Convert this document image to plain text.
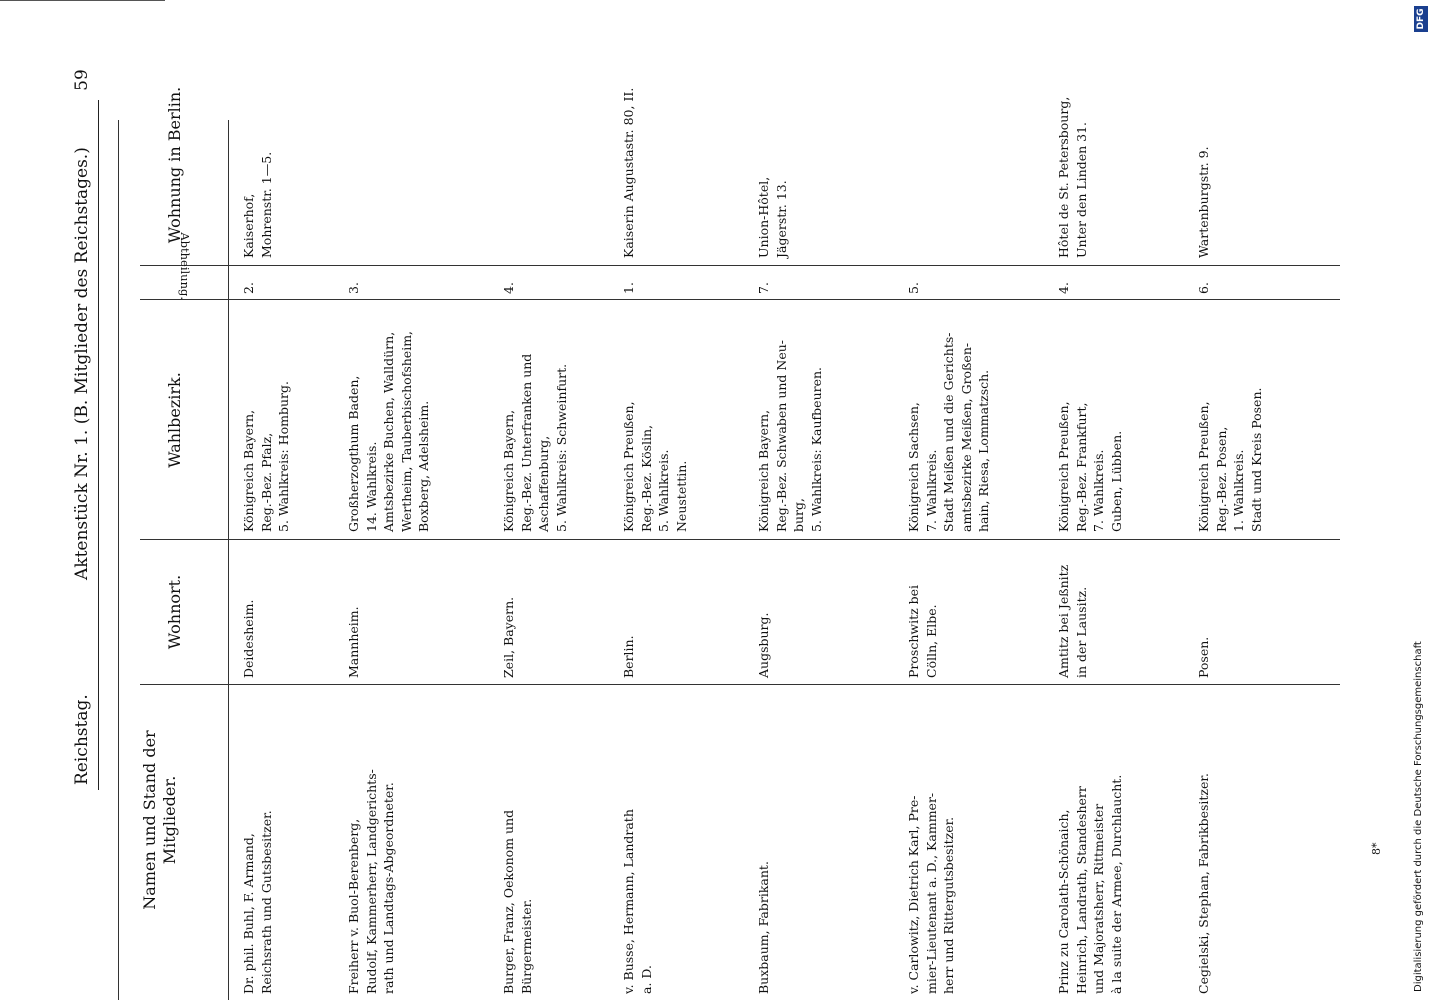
Reichstag.
Aktenstück Nr. 1. (B. Mitglieder des Reichstages.)
59
Namen und Stand der Mitglieder.
Wohnort.
Wahlbezirk.
Abtheilung.
Wohnung in Berlin.
Dr. phil. Buhl, F. Armand, Reichsrath und Gutsbesitzer.
Deidesheim.
Königreich Bayern, Reg.-Bez. Pfalz, 5. Wahlkreis: Homburg.
2.
Kaiserhof, Mohrenstr. 1—5.
Freiherr v. Buol-Berenberg, Rudolf, Kammerherr, Landgerichts- rath und Landtags-Abgeordneter.
Mannheim.
Großherzogthum Baden, 14. Wahlkreis. Amtsbezirke Buchen, Walldürn, Wertheim, Tauberbischofsheim, Boxberg, Adelsheim.
3.
Burger, Franz, Oekonom und Bürgermeister.
Zeil, Bayern.
Königreich Bayern, Reg.-Bez. Unterfranken und Aschaffenburg, 5. Wahlkreis: Schweinfurt.
4.
v. Busse, Hermann, Landrath a. D.
Berlin.
Königreich Preußen, Reg.-Bez. Köslin, 5. Wahlkreis. Neustettin.
1.
Kaiserin Augustastr. 80, II.
Buxbaum, Fabrikant.
Augsburg.
Königreich Bayern, Reg.-Bez. Schwaben und Neu- burg, 5. Wahlkreis: Kaufbeuren.
7.
Union-Hôtel, Jägerstr. 13.
v. Carlowitz, Dietrich Karl, Pre- mier-Lieutenant a. D., Kammer- herr und Rittergutsbesitzer.
Proschwitz bei Cölln, Elbe.
Königreich Sachsen, 7. Wahlkreis. Stadt Meißen und die Gerichts- amtsbezirke Meißen, Großen- hain, Riesa, Lommatzsch.
5.
Prinz zu Carolath-Schönaich, Heinrich, Landrath, Standesherr und Majoratsherr, Rittmeister à la suite der Armee, Durchlaucht.
Amtitz bei Jeßnitz in der Lausitz.
Königreich Preußen, Reg.-Bez. Frankfurt, 7. Wahlkreis. Guben, Lübben.
4.
Hôtel de St. Petersbourg, Unter den Linden 31.
Cegielski, Stephan, Fabrikbesitzer.
Posen.
Königreich Preußen, Reg.-Bez. Posen, 1. Wahlkreis. Stadt und Kreis Posen.
6.
Wartenburgstr. 9.
8*	Digitalisierung gefördert durch die Deutsche Forschungsgemeinschaft
DFG
